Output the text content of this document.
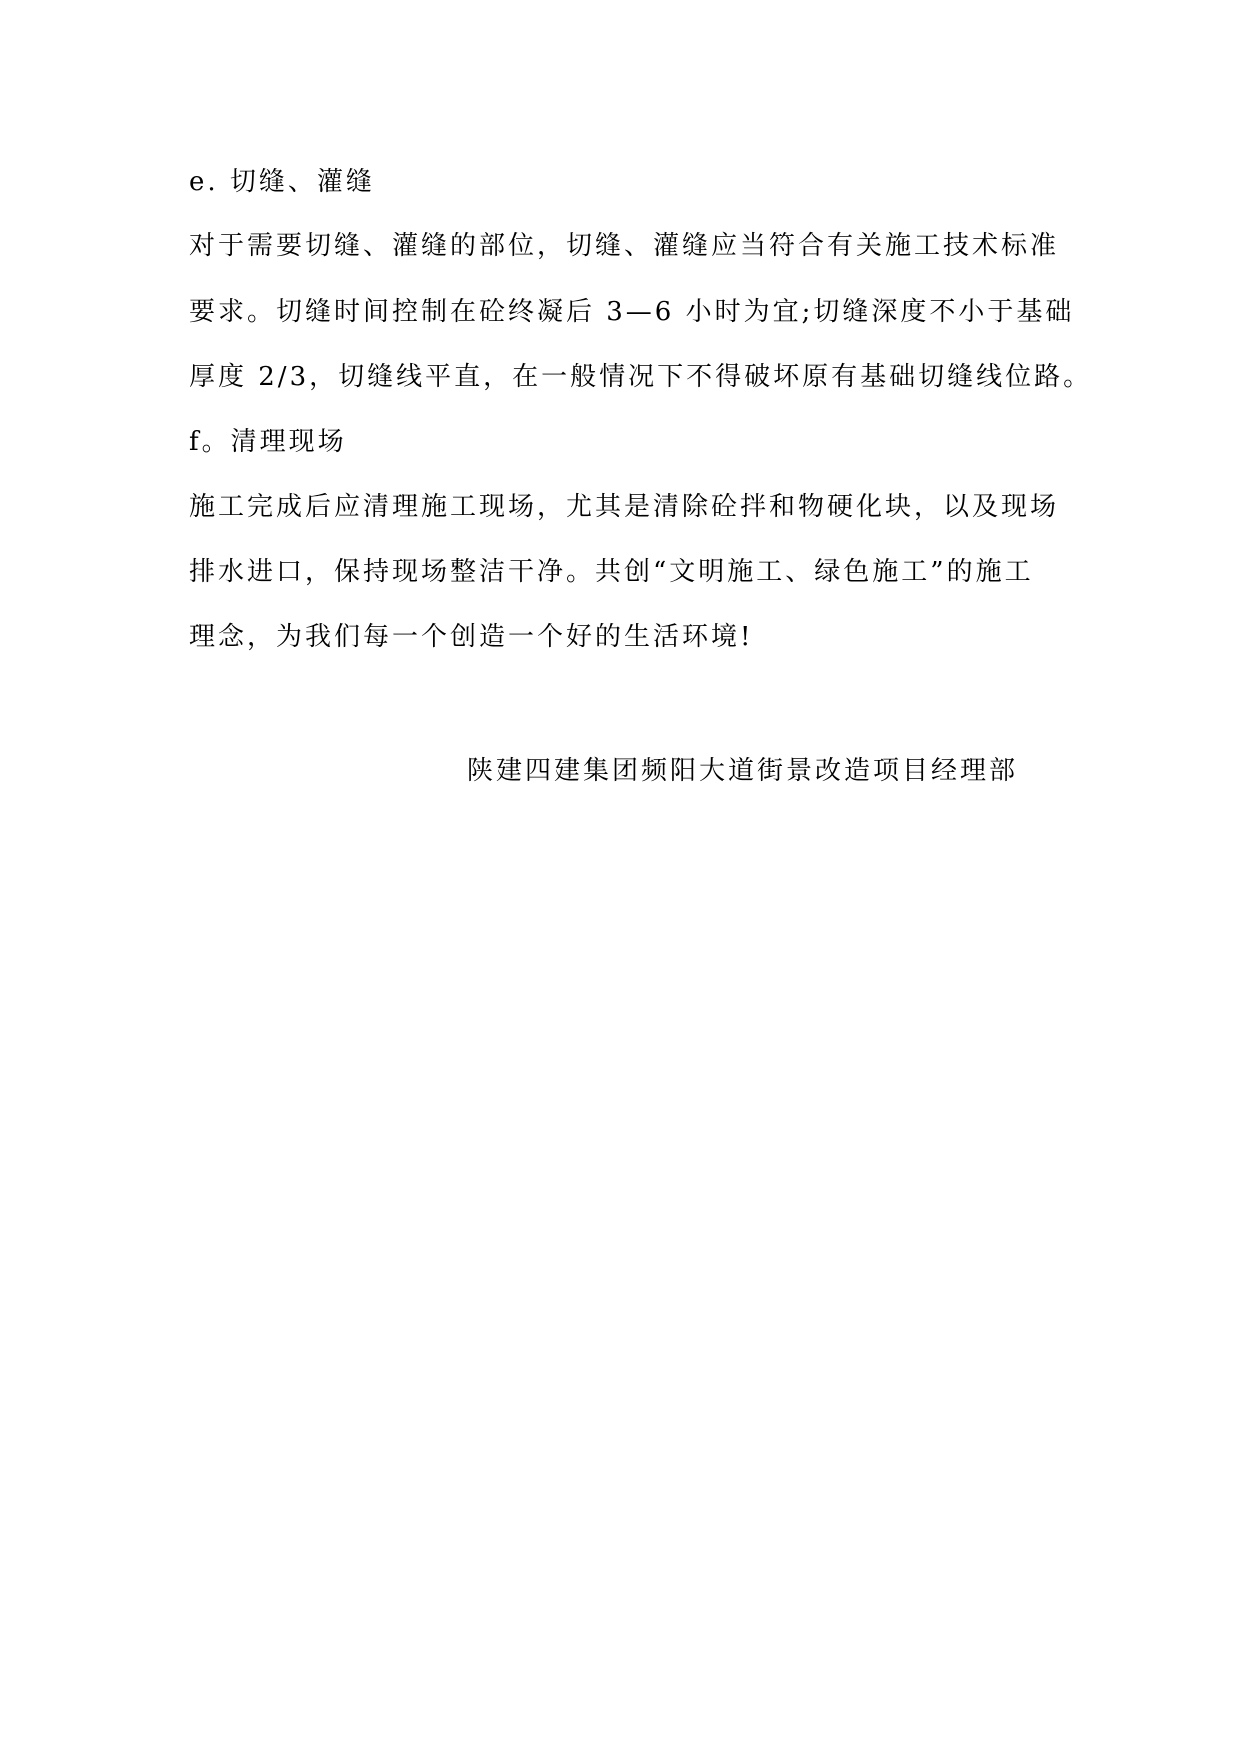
e. 切缝、灌缝
对于需要切缝、灌缝的部位，切缝、灌缝应当符合有关施工技术标准
要求。切缝时间控制在砼终凝后 3—6 小时为宜;切缝深度不小于基础
厚度 2/3，切缝线平直，在一般情况下不得破坏原有基础切缝线位路。
f。清理现场
施工完成后应清理施工现场，尤其是清除砼拌和物硬化块，以及现场
排水进口，保持现场整洁干净。共创“文明施工、绿色施工”的施工
理念，为我们每一个创造一个好的生活环境!
陕建四建集团频阳大道街景改造项目经理部
